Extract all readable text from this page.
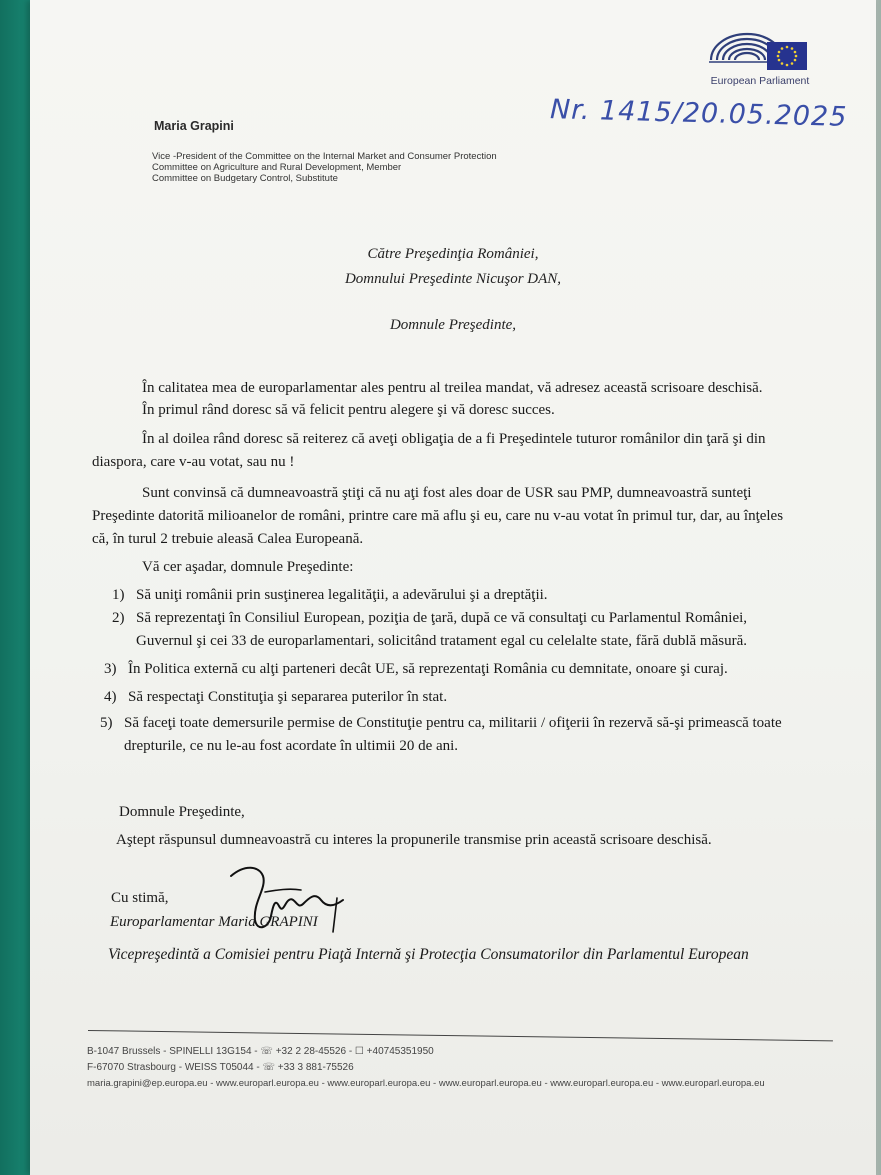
European Parliament
Nr. 1415/20.05.2025
Maria Grapini
Vice -President of the Committee on the Internal Market and Consumer Protection
Committee on Agriculture and Rural Development, Member
Committee on Budgetary Control, Substitute
Către Preşedinţia României,
Domnului Preşedinte Nicuşor DAN,
Domnule Preşedinte,
În calitatea mea de europarlamentar ales pentru al treilea mandat, vă adresez această scrisoare deschisă.
În primul rând doresc să vă felicit pentru alegere şi vă doresc succes.
În al doilea rând doresc să reiterez că aveţi obligaţia de a fi Preşedintele tuturor românilor din ţară şi din
diaspora, care v-au votat, sau nu !
Sunt convinsă că dumneavoastră ştiţi că nu aţi fost ales doar de USR sau PMP, dumneavoastră sunteţi
Preşedinte datorită milioanelor de români, printre care mă aflu şi eu, care nu v-au votat în primul tur, dar, au înţeles
că, în turul 2 trebuie aleasă Calea Europeană.
Vă cer aşadar, domnule Preşedinte:
1) Să uniţi românii prin susţinerea legalităţii, a adevărului şi a dreptăţii.
2) Să reprezentaţi în Consiliul European, poziţia de ţară, după ce vă consultaţi cu Parlamentul României,
Guvernul şi cei 33 de europarlamentari, solicitând tratament egal cu celelalte state, fără dublă măsură.
3) În Politica externă cu alţi parteneri decât UE, să reprezentaţi România cu demnitate, onoare şi curaj.
4) Să respectaţi Constituţia şi separarea puterilor în stat.
5) Să faceţi toate demersurile permise de Constituţie pentru ca, militarii / ofiţerii în rezervă să-şi primească toate
drepturile, ce nu le-au fost acordate în ultimii 20 de ani.
Domnule Preşedinte,
Aştept răspunsul dumneavoastră cu interes la propunerile transmise prin această scrisoare deschisă.
Cu stimă,
Europarlamentar Maria GRAPINI
Vicepreşedintă a Comisiei pentru Piaţă Internă şi Protecţia Consumatorilor din Parlamentul European
B-1047 Brussels - SPINELLI 13G154 - ☏ +32 2 28-45526 - ☐ +40745351950
F-67070 Strasbourg - WEISS T05044 - ☏ +33 3 881-75526
maria.grapini@ep.europa.eu - www.europarl.europa.eu - www.europarl.europa.eu - www.europarl.europa.eu - www.europarl.europa.eu - www.europarl.europa.eu
